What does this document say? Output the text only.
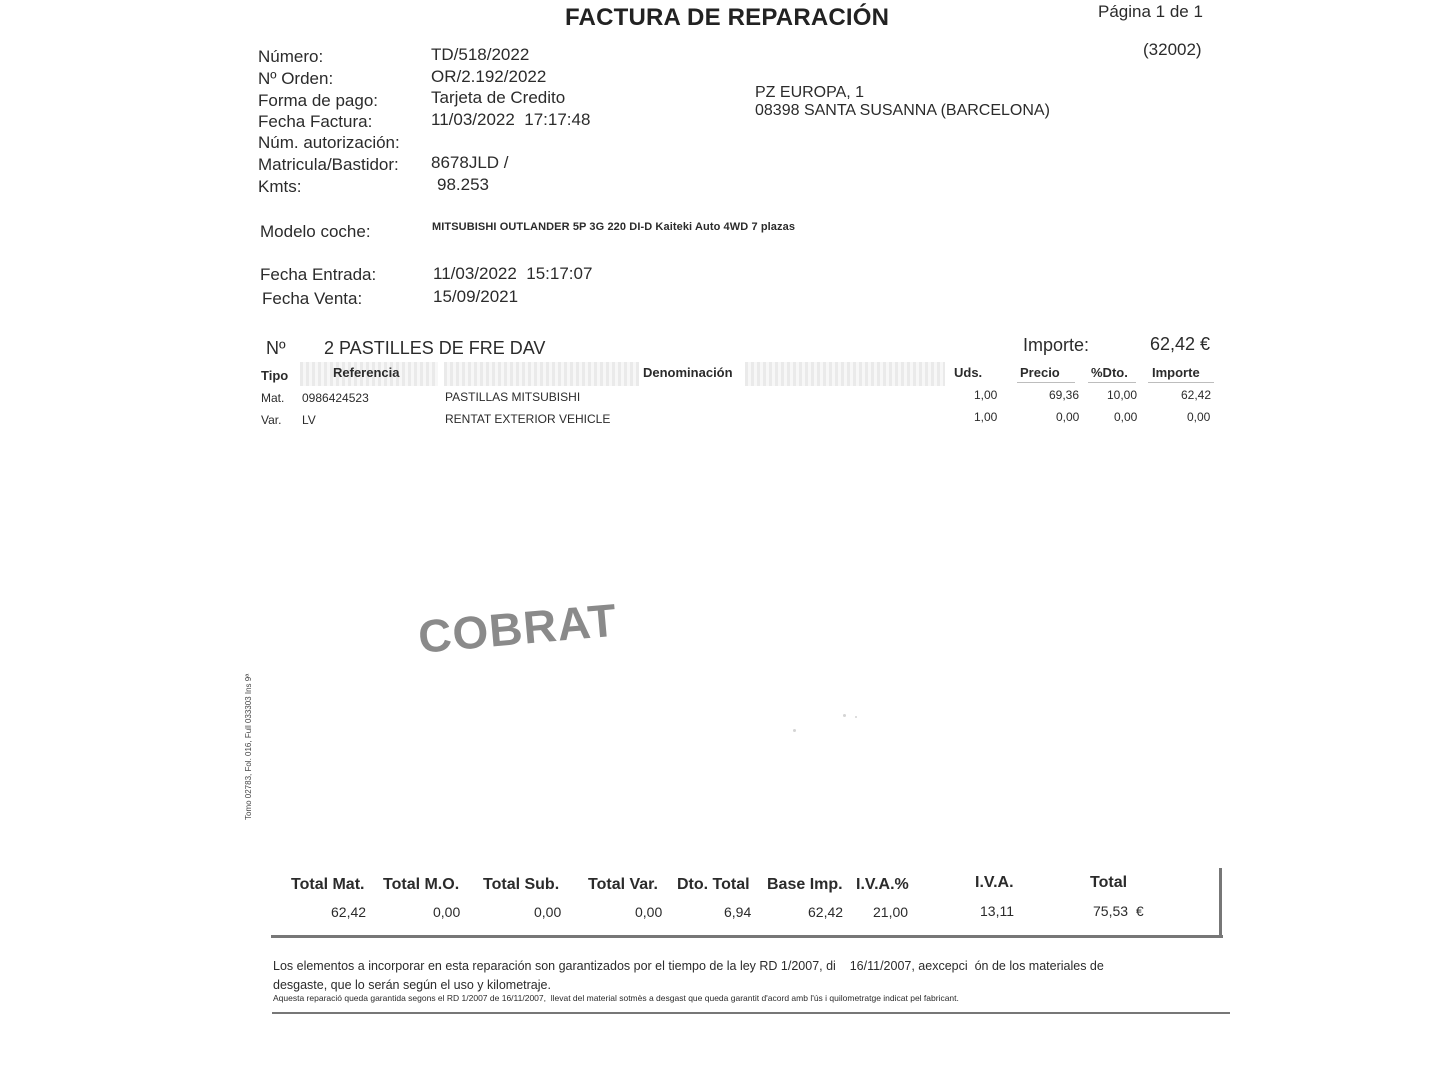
FACTURA DE REPARACIÓN	Página 1 de 1
(32002)
Número:	TD/518/2022
Nº Orden:	OR/2.192/2022
Forma de pago:	Tarjeta de Credito
Fecha Factura:	11/03/2022  17:17:48
Núm. autorización:
Matricula/Bastidor: 8678JLD /
Kmts:	98.253
PZ EUROPA, 1
08398 SANTA SUSANNA (BARCELONA)
Modelo coche:	MITSUBISHI OUTLANDER 5P 3G 220 DI-D Kaiteki Auto 4WD 7 plazas
Fecha Entrada:	11/03/2022  15:17:07
Fecha Venta:	15/09/2021
Nº 2 PASTILLES DE FRE DAV	Importe:	62,42 €
Tipo	Referencia	Denominación	Uds.	Precio %Dto. Importe
Mat. 0986424523	PASTILLAS MITSUBISHI	1,00	69,36 10,00	62,42
Var. LV	RENTAT EXTERIOR VEHICLE	1,00	0,00	0,00	0,00
COBRAT
Tomo 02783, Fol. 016, Full 033303 Ins 9ª
Total Mat. Total M.O. Total Sub. Total Var. Dto. Total Base Imp. I.V.A.%	I.V.A.	Total
62,42	0,00	0,00	0,00	6,94	62,42 21,00	13,11	75,53  €
Los elementos a incorporar en esta reparación son garantizados por el tiempo de la ley RD 1/2007, di    16/11/2007, aexcepci  ón de los materiales de
desgaste, que lo serán según el uso y kilometraje.
Aquesta reparació queda garantida segons el RD 1/2007 de 16/11/2007,  llevat del material sotmès a desgast que queda garantit d'acord amb l'ús i quilometratge indicat pel fabricant.
